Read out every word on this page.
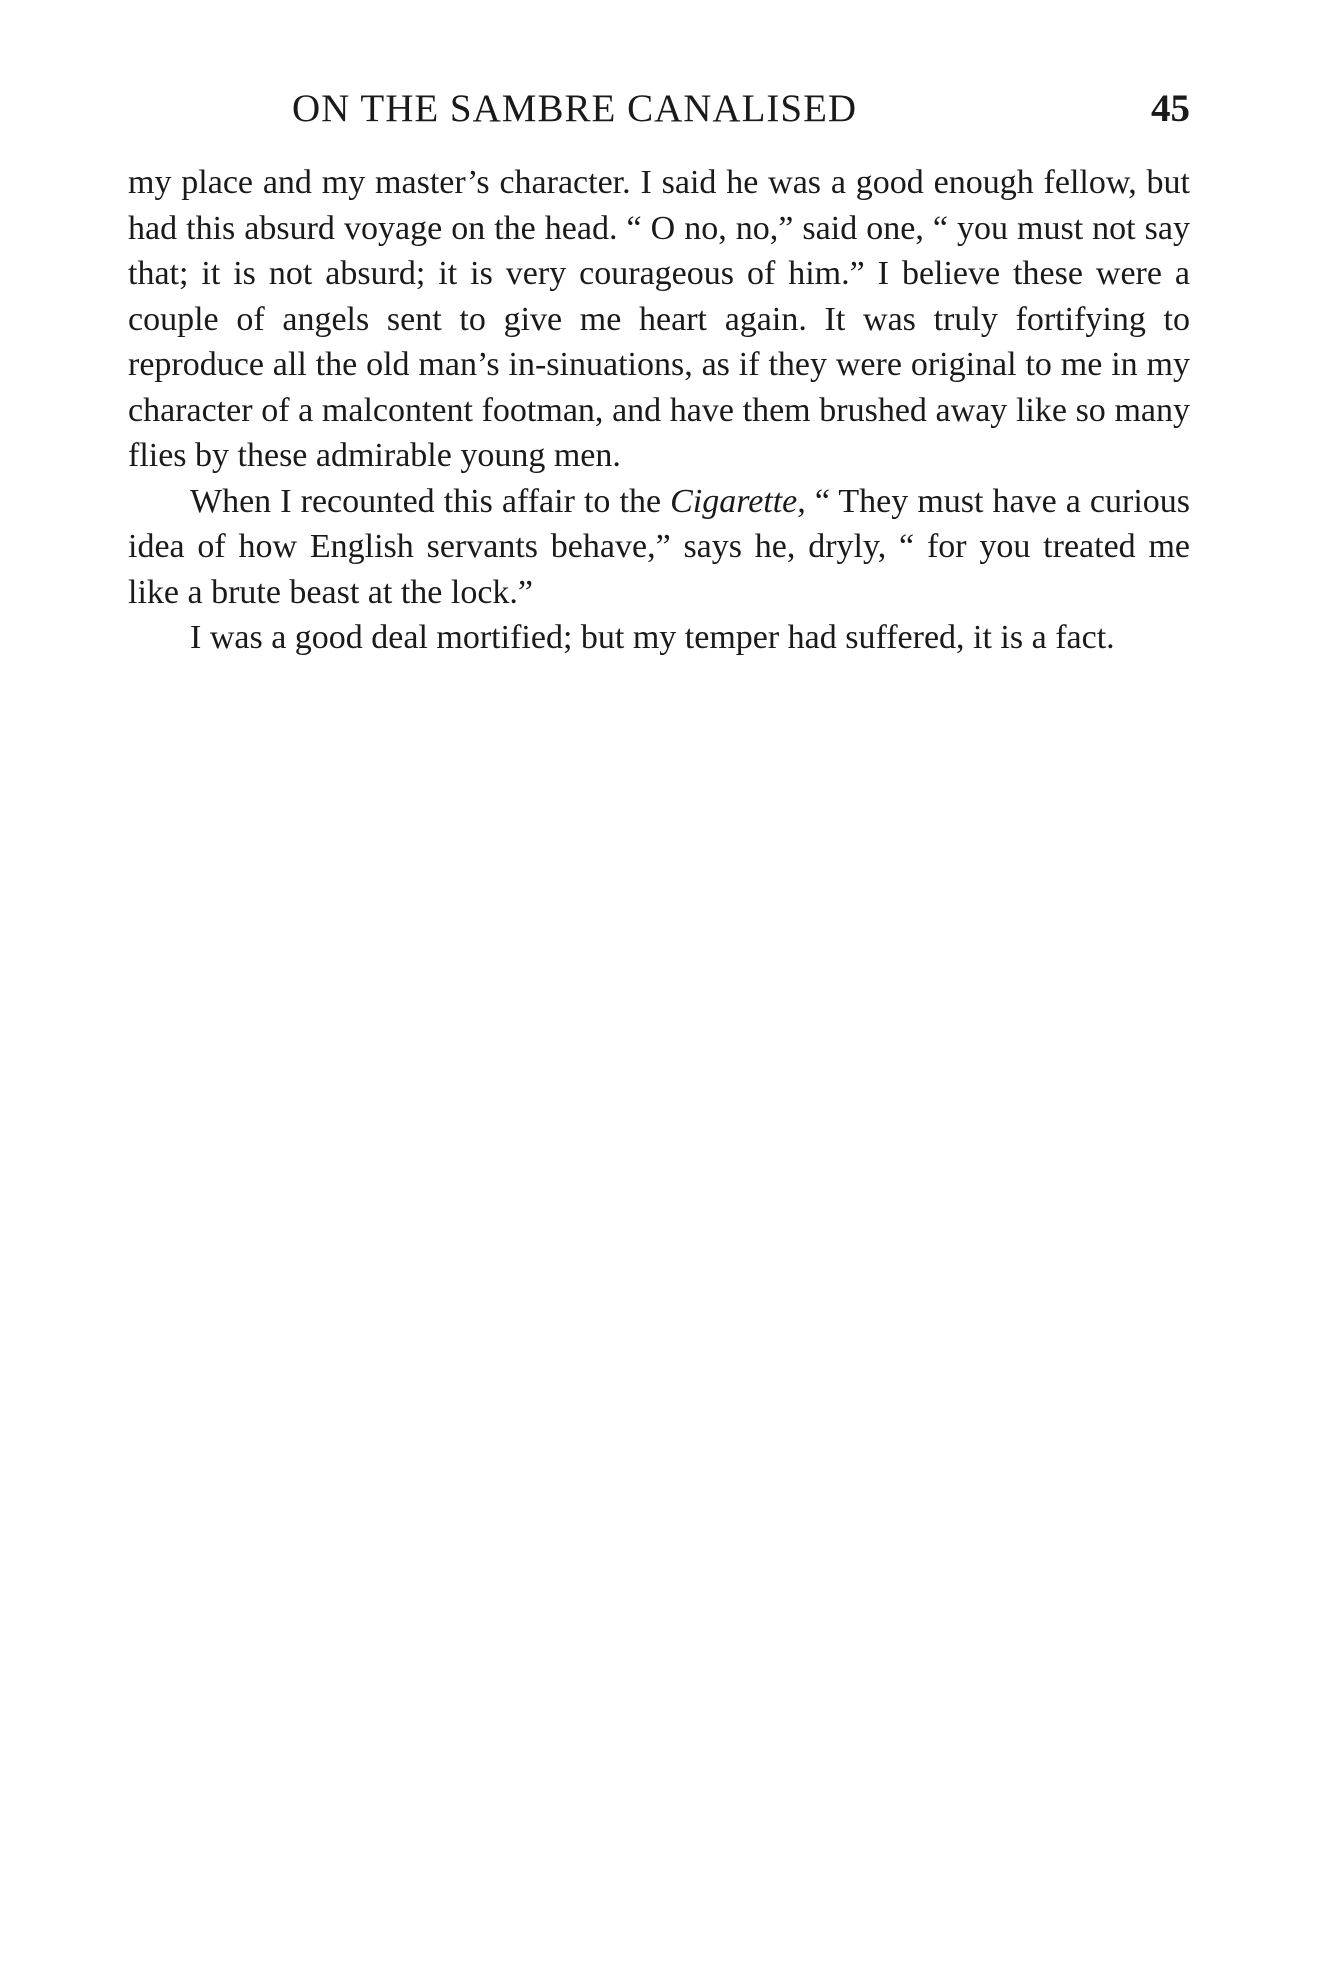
ON THE SAMBRE CANALISED	45

my place and my master’s character. I said he was a good enough fellow, but had this absurd voyage on the head. “ O no, no,” said one, “ you must not say that; it is not absurd; it is very courageous of him.” I believe these were a couple of angels sent to give me heart again. It was truly fortifying to reproduce all the old man’s in-sinuations, as if they were original to me in my character of a malcontent footman, and have them brushed away like so many flies by these admirable young men.

When I recounted this affair to the Cigarette, “ They must have a curious idea of how English servants behave,” says he, dryly, “ for you treated me like a brute beast at the lock.”

I was a good deal mortified; but my temper had suffered, it is a fact.
